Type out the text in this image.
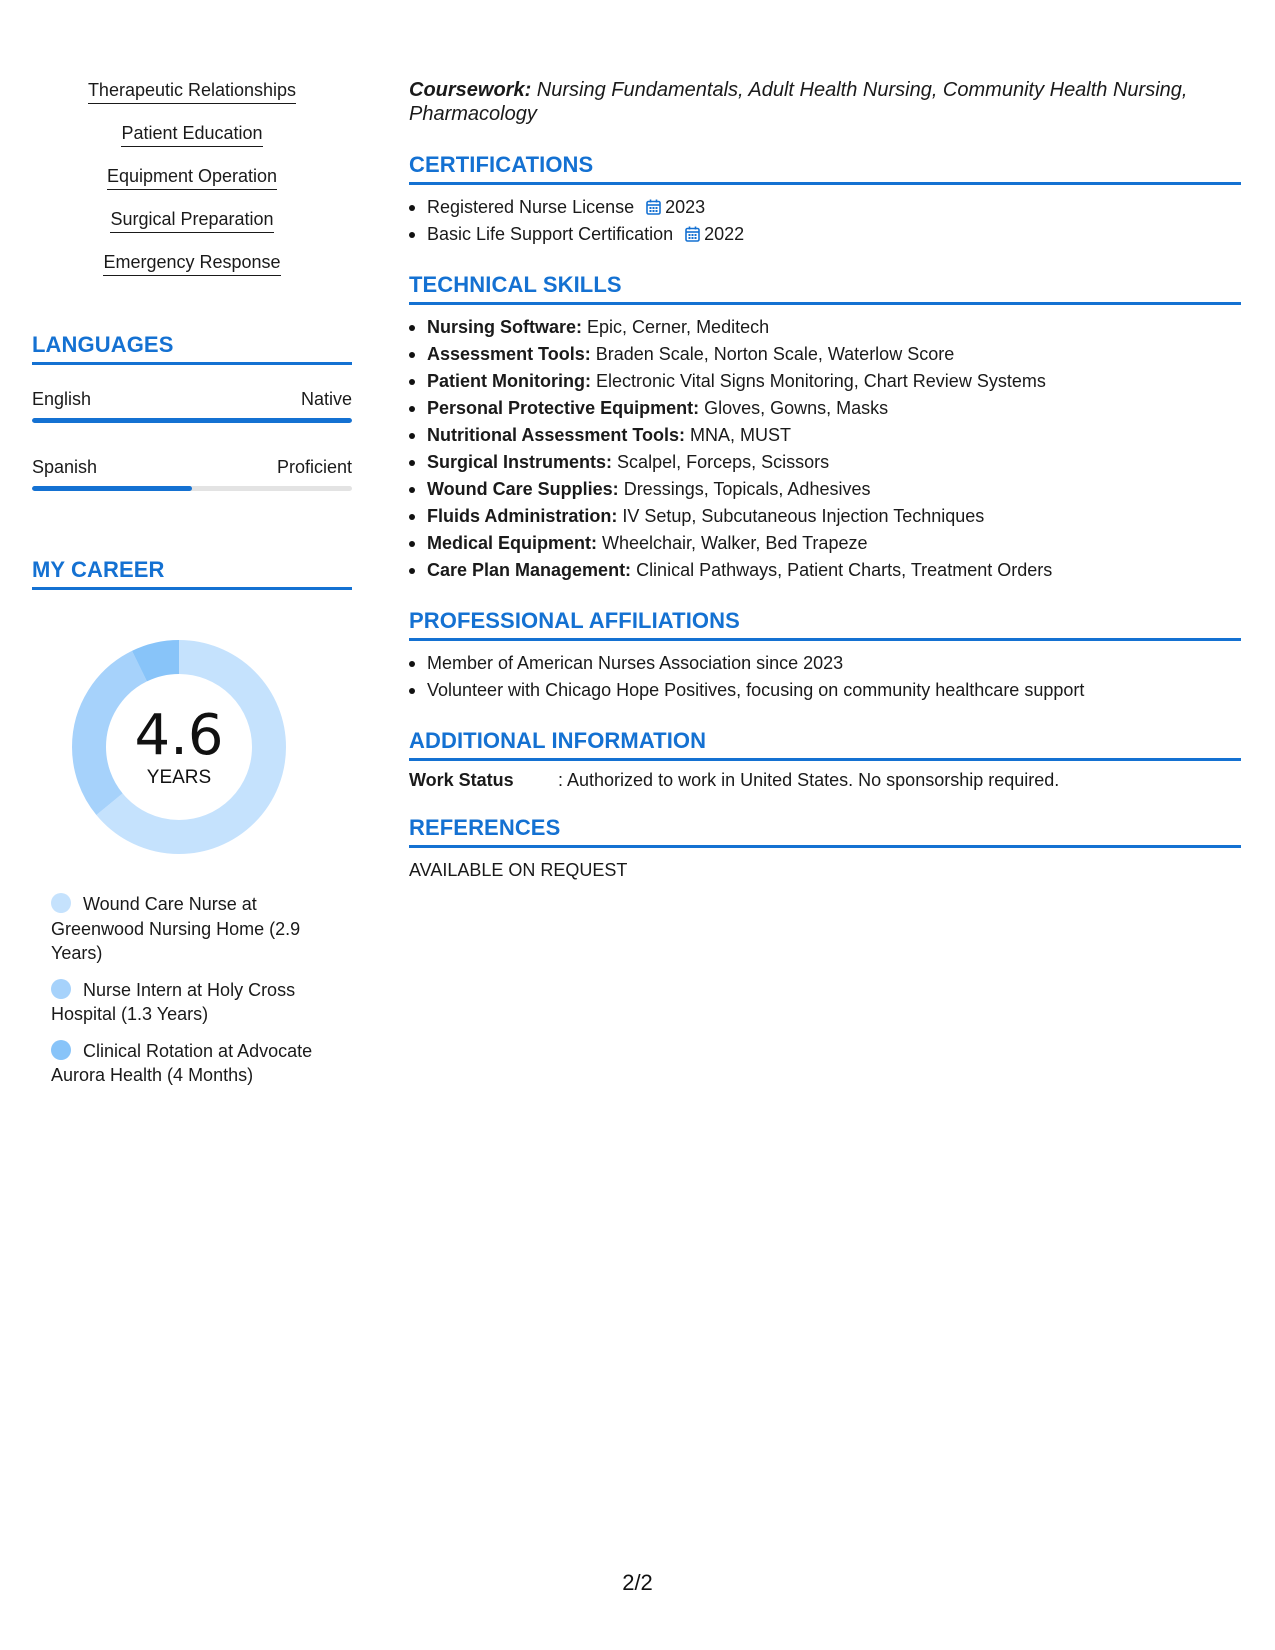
Therapeutic Relationships
Patient Education
Equipment Operation
Surgical Preparation
Emergency Response
LANGUAGES
English	Native
Spanish	Proficient
MY CAREER
4.6
YEARS
Wound Care Nurse at Greenwood Nursing Home (2.9 Years)
Nurse Intern at Holy Cross Hospital (1.3 Years)
Clinical Rotation at Advocate Aurora Health (4 Months)
Coursework: Nursing Fundamentals, Adult Health Nursing, Community Health Nursing, Pharmacology
CERTIFICATIONS
Registered Nurse License 2023
Basic Life Support Certification 2022
TECHNICAL SKILLS
Nursing Software: Epic, Cerner, Meditech
Assessment Tools: Braden Scale, Norton Scale, Waterlow Score
Patient Monitoring: Electronic Vital Signs Monitoring, Chart Review Systems
Personal Protective Equipment: Gloves, Gowns, Masks
Nutritional Assessment Tools: MNA, MUST
Surgical Instruments: Scalpel, Forceps, Scissors
Wound Care Supplies: Dressings, Topicals, Adhesives
Fluids Administration: IV Setup, Subcutaneous Injection Techniques
Medical Equipment: Wheelchair, Walker, Bed Trapeze
Care Plan Management: Clinical Pathways, Patient Charts, Treatment Orders
PROFESSIONAL AFFILIATIONS
Member of American Nurses Association since 2023
Volunteer with Chicago Hope Positives, focusing on community healthcare support
ADDITIONAL INFORMATION
Work Status	: Authorized to work in United States. No sponsorship required.
REFERENCES
AVAILABLE ON REQUEST
2/2
